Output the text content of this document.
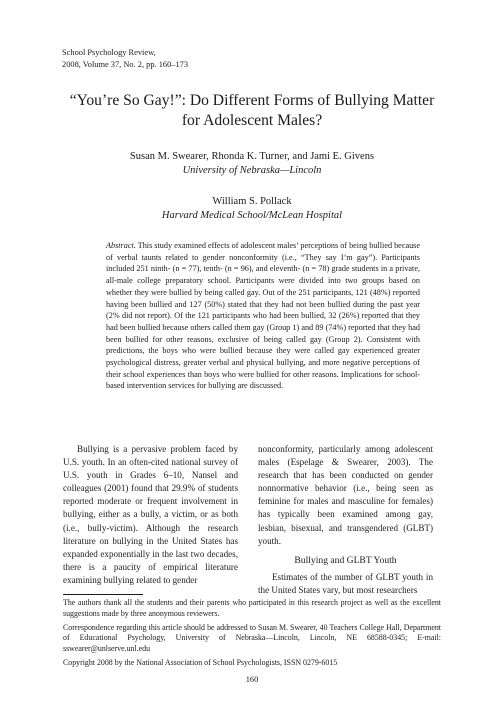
School Psychology Review,
2008, Volume 37, No. 2, pp. 160–173
“You’re So Gay!”: Do Different Forms of Bullying Matter
for Adolescent Males?
Susan M. Swearer, Rhonda K. Turner, and Jami E. Givens
University of Nebraska—Lincoln
William S. Pollack
Harvard Medical School/McLean Hospital
Abstract. This study examined effects of adolescent males’ perceptions of being bullied because of verbal taunts related to gender nonconformity (i.e., “They say I’m gay”). Participants included 251 ninth- (n = 77), tenth- (n = 96), and eleventh- (n = 78) grade students in a private, all-male college preparatory school. Participants were divided into two groups based on whether they were bullied by being called gay. Out of the 251 participants, 121 (48%) reported having been bullied and 127 (50%) stated that they had not been bullied during the past year (2% did not report). Of the 121 participants who had been bullied, 32 (26%) reported that they had been bullied because others called them gay (Group 1) and 89 (74%) reported that they had been bullied for other reasons, exclusive of being called gay (Group 2). Consistent with predictions, the boys who were bullied because they were called gay experienced greater psychological distress, greater verbal and physical bullying, and more negative perceptions of their school experiences than boys who were bullied for other reasons. Implications for school-based intervention services for bullying are discussed.

Bullying is a pervasive problem faced by U.S. youth. In an often-cited national survey of U.S. youth in Grades 6–10, Nansel and colleagues (2001) found that 29.9% of students reported moderate or frequent involvement in bullying, either as a bully, a victim, or as both (i.e., bully-victim). Although the research literature on bullying in the United States has expanded exponentially in the last two decades, there is a paucity of empirical literature examining bullying related to gender

nonconformity, particularly among adolescent males (Espelage & Swearer, 2003). The research that has been conducted on gender nonnormative behavior (i.e., being seen as feminine for males and masculine for females) has typically been examined among gay, lesbian, bisexual, and transgendered (GLBT) youth.

Bullying and GLBT Youth

Estimates of the number of GLBT youth in the United States vary, but most researchers

The authors thank all the students and their parents who participated in this research project as well as the excellent suggestions made by three anonymous reviewers.

Correspondence regarding this article should be addressed to Susan M. Swearer, 40 Teachers College Hall, Department of Educational Psychology, University of Nebraska—Lincoln, Lincoln, NE 68588-0345; E-mail: sswearer@unlserve.unl.edu

Copyright 2008 by the National Association of School Psychologists, ISSN 0279-6015

160
